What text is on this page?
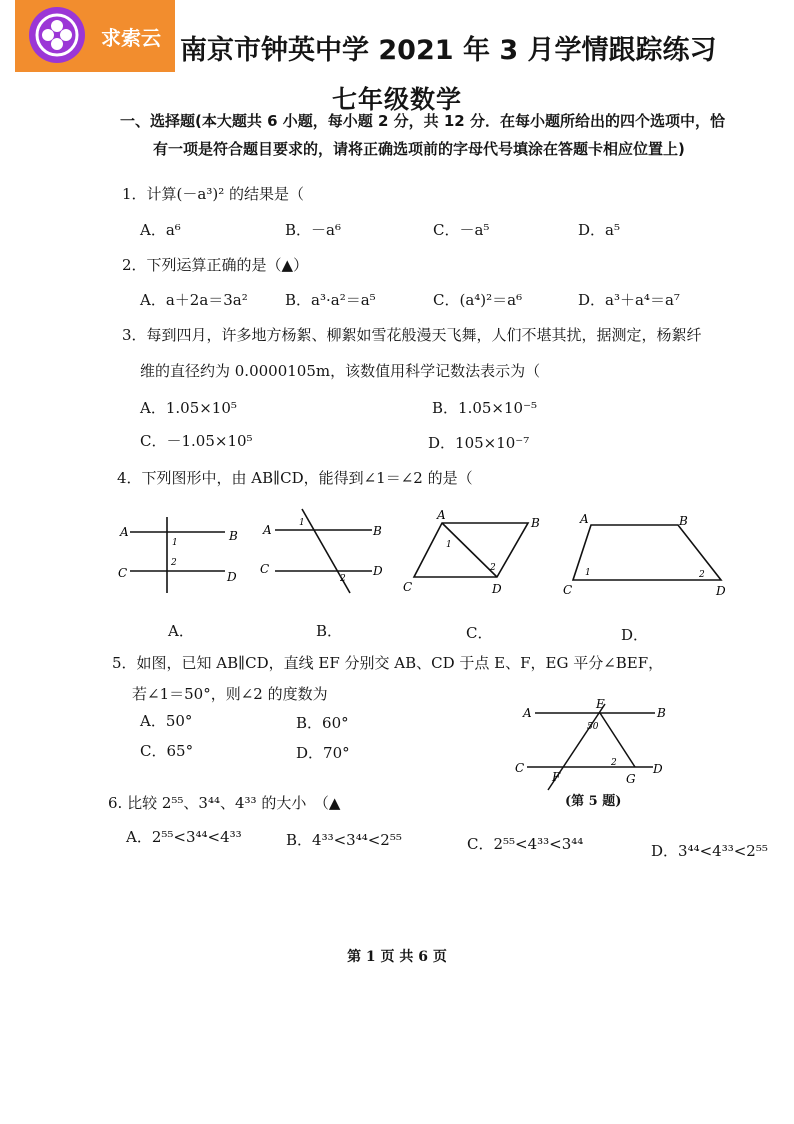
求索云 南京市钟英中学 2021 年 3 月学情跟踪练习
七年级数学
一、选择题(本大题共 6 小题，每小题 2 分，共 12 分．在每小题所给出的四个选项中，恰
有一项是符合题目要求的，请将正确选项前的字母代号填涂在答题卡相应位置上)
1．计算(－a³)² 的结果是（
A．a⁶	B．－a⁶	C．－a⁵	D．a⁵
2．下列运算正确的是（▲）
A．a＋2a＝3a² B．a³·a²＝a⁵	C．(a⁴)²＝a⁶	D．a³＋a⁴＝a⁷
3．每到四月，许多地方杨絮、柳絮如雪花般漫天飞舞，人们不堪其扰，据测定，杨絮纤
维的直径约为 0.0000105m，该数值用科学记数法表示为（
A．1.05×10⁵	B．1.05×10⁻⁵
C．－1.05×10⁵	D．105×10⁻⁷
4．下列图形中，由 AB∥CD，能得到∠1＝∠2 的是（
A	B
C	D
1
2
A	B
C	D
1
2
A
B
C	D
1
2
A	B
C	D
1	2
A．	B．	C．	D．
5．如图，已知 AB∥CD，直线 EF 分别交 AB、CD 于点 E、F，EG 平分∠BEF，
若∠1＝50°，则∠2 的度数为
A．50°	B．60°
C．65°	D．70°
A	B
C	D
E
F	G
50
2
(第 5 题)
6. 比较 2⁵⁵、3⁴⁴、4³³ 的大小　（▲
A．2⁵⁵<3⁴⁴<4³³	B．4³³<3⁴⁴<2⁵⁵	C．2⁵⁵<4³³<3⁴⁴	D．3⁴⁴<4³³<2⁵⁵
第 1 页 共 6 页
